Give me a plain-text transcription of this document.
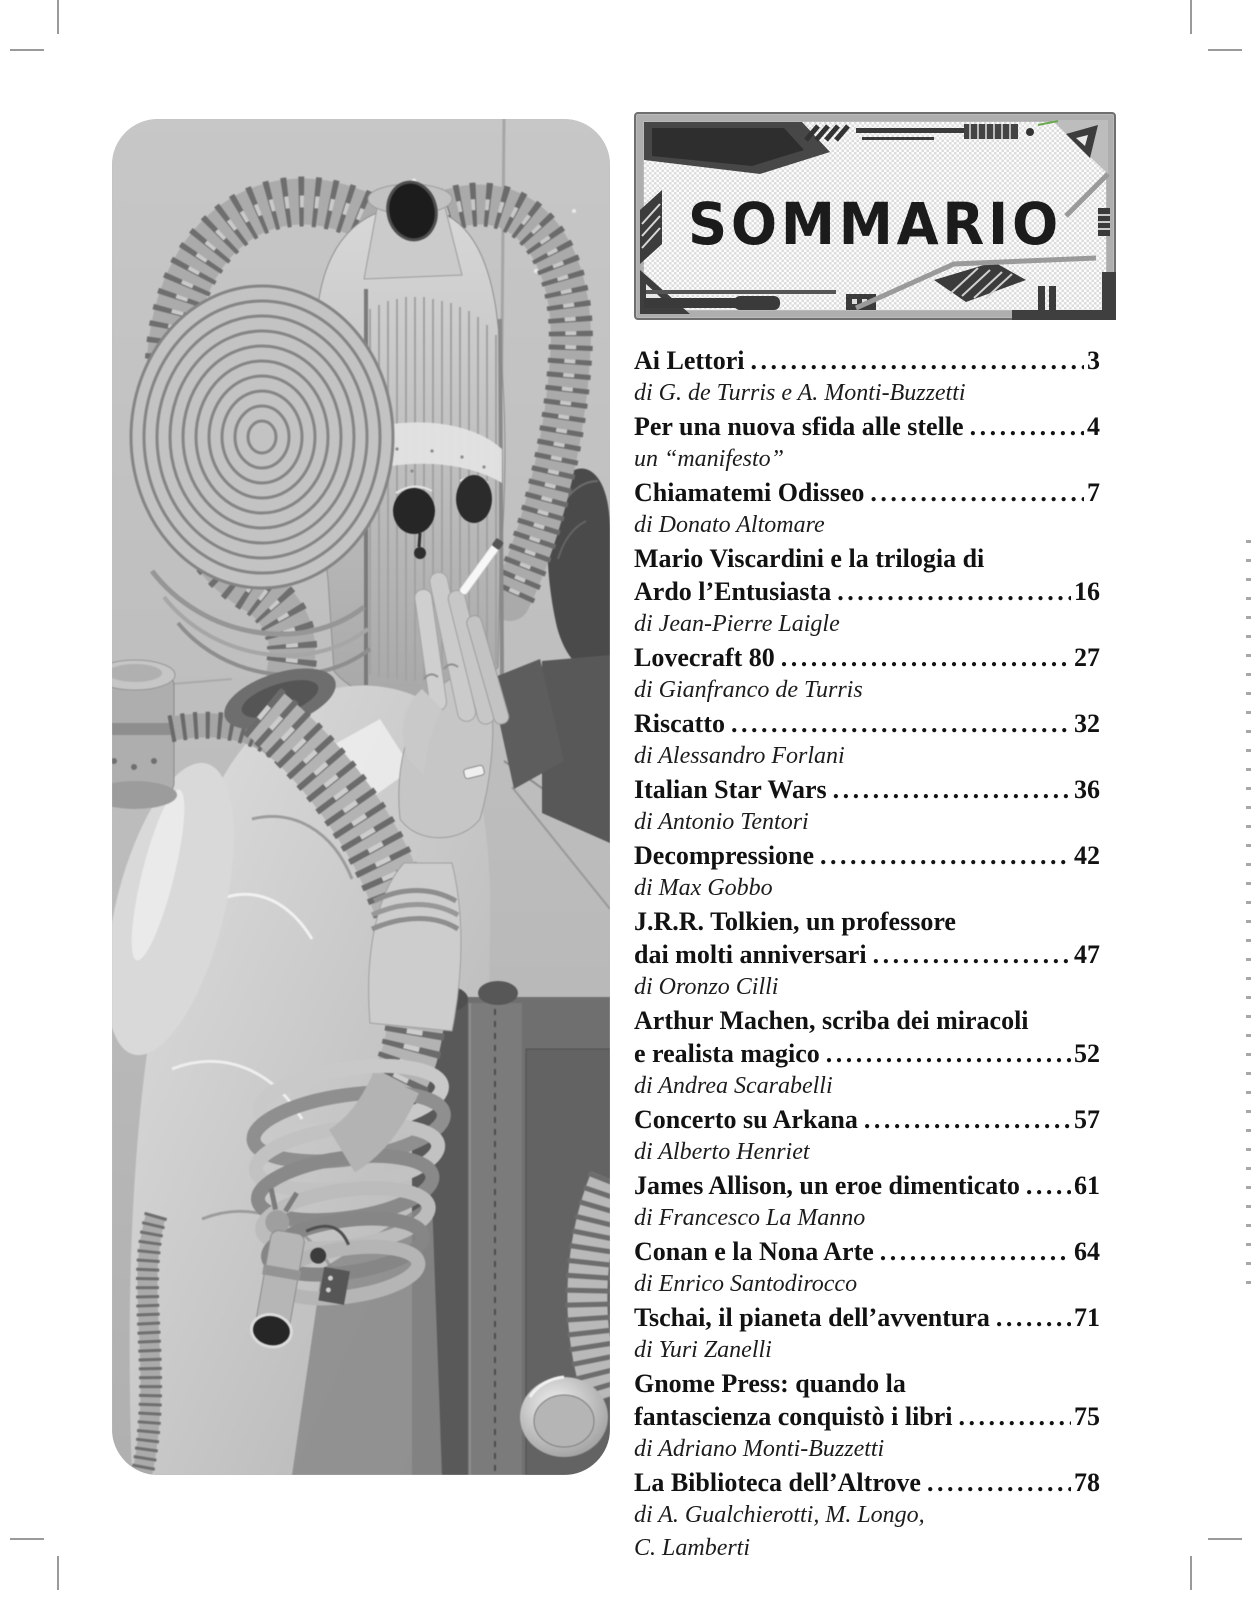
SOMMARIO
Ai Lettori .....	3
di G. de Turris e A. Monti-Buzzetti
Per una nuova sfida alle stelle .....	4
un “manifesto”
Chiamatemi Odisseo .....	7
di Donato Altomare
Mario Viscardini e la trilogia di
Ardo l’Entusiasta .....	16
di Jean-Pierre Laigle
Lovecraft 80 .....	27
di Gianfranco de Turris
Riscatto .....	32
di Alessandro Forlani
Italian Star Wars .....	36
di Antonio Tentori
Decompressione .....	42
di Max Gobbo
J.R.R. Tolkien, un professore
dai molti anniversari .....	47
di Oronzo Cilli
Arthur Machen, scriba dei miracoli
e realista magico .....	52
di Andrea Scarabelli
Concerto su Arkana .....	57
di Alberto Henriet
James Allison, un eroe dimenticato ..... 61
di Francesco La Manno
Conan e la Nona Arte .....	64
di Enrico Santodirocco
Tschai, il pianeta dell’avventura .....	71
di Yuri Zanelli
Gnome Press: quando la
fantascienza conquistò i libri .....	75
di Adriano Monti-Buzzetti
La Biblioteca dell’Altrove .....	78
di A. Gualchierotti, M. Longo,
C. Lamberti
